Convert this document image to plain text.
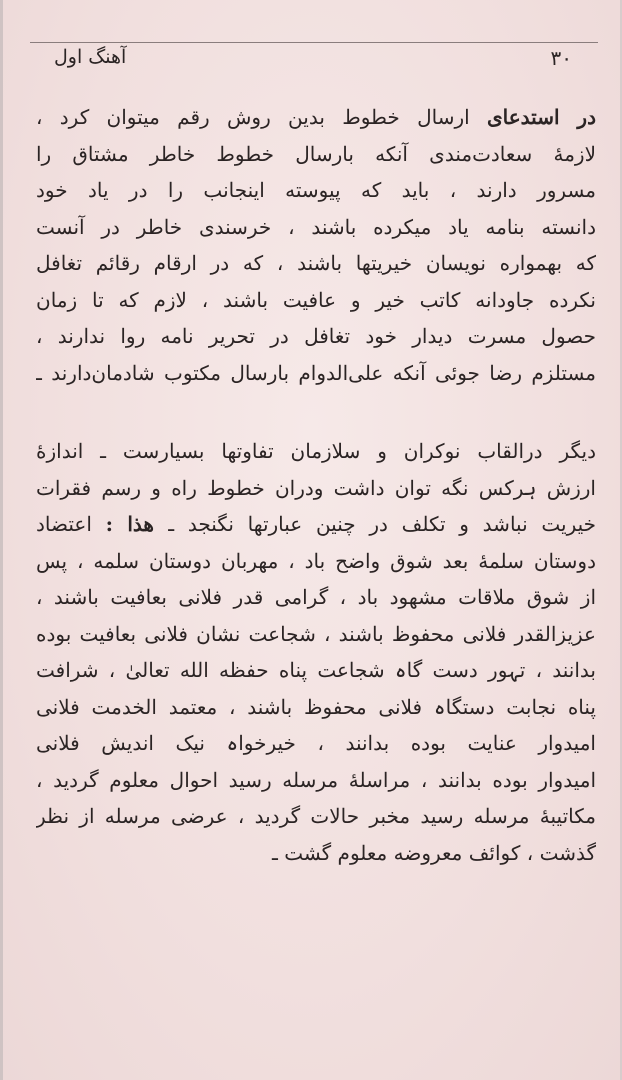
آهنگ اول	۳۰
در استدعای ارسال خطوط بدین روش رقم میتوان کرد ،
لازمهٔ سعادت‌مندی آنکه بارسال خطوط خاطر مشتاق را
مسرور دارند ، باید که پیوسته اینجانب را در یاد خود
دانسته بنامه یاد میکرده باشند ، خرسندی خاطر در آنست
که بهمواره نویسان خیریتها باشند ، که در ارقام رقائم تغافل
نکرده جاودانه کاتب خیر و عافیت باشند ، لازم که تا زمان
حصول مسرت دیدار خود تغافل در تحریر نامه روا ندارند ،
مستلزم رضا جوئی آنکه علی‌الدوام بارسال مکتوب شادمان‌دارند ـ
دیگر درالقاب نوکران و سلازمان تفاوتها بسیارست ـ اندازهٔ
ارزش ہرکس نگه توان داشت ودران خطوط راه و رسم فقرات
خیریت نباشد و تکلف در چنین عبارتها نگنجد ـ هذا : اعتضاد
دوستان سلمهٔ بعد شوق واضح باد ، مهربان دوستان سلمه ، پس
از شوق ملاقات مشهود باد ، گرامی قدر فلانی بعافیت باشند ،
عزیزالقدر فلانی محفوظ باشند ، شجاعت نشان فلانی بعافیت بوده
بدانند ، تہور دست گاہ شجاعت پناه حفظه الله تعالیٰ ، شرافت
پناه نجابت دستگاہ فلانی محفوظ باشند ، معتمد الخدمت فلانی
امیدوار عنایت بوده بدانند ، خیرخواہ نیک اندیش فلانی
امیدوار بوده بدانند ، مراسلهٔ مرسله رسید احوال معلوم گردید ،
مکاتیبهٔ مرسله رسید مخبر حالات گردید ، عرضی مرسله از نظر
گذشت ، کوائف معروضه معلوم گشت ـ
